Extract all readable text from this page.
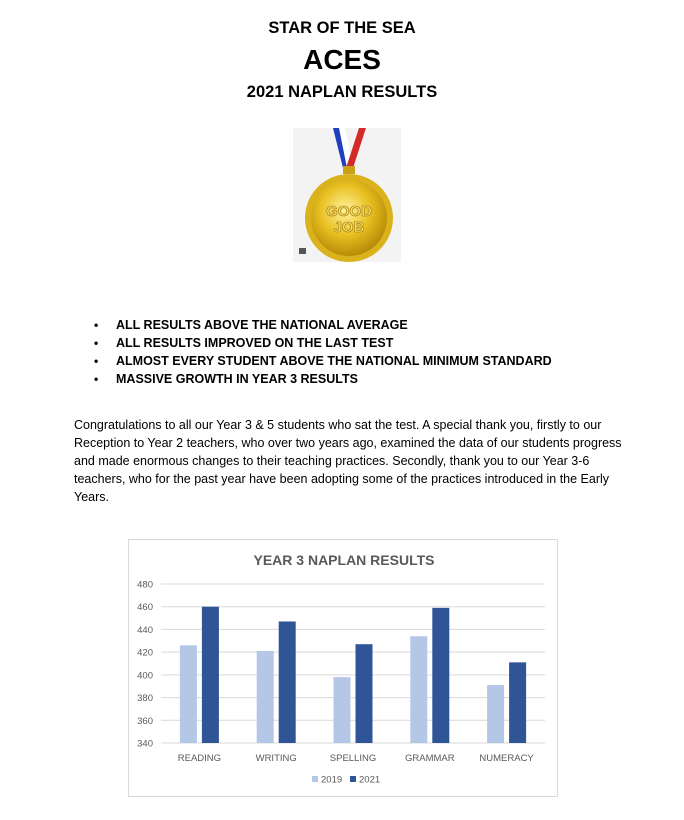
STAR OF THE SEA
ACES
2021 NAPLAN RESULTS
GOOD
JOB
• ALL RESULTS ABOVE THE NATIONAL AVERAGE
• ALL RESULTS IMPROVED ON THE LAST TEST
• ALMOST EVERY STUDENT ABOVE THE NATIONAL MINIMUM STANDARD
• MASSIVE GROWTH IN YEAR 3 RESULTS
Congratulations to all our Year 3 & 5 students who sat the test. A special thank you, firstly to our Reception to Year 2 teachers, who over two years ago, examined the data of our students progress and made enormous changes to their teaching practices. Secondly, thank you to our Year 3-6 teachers, who for the past year have been adopting some of the practices introduced in the Early Years.
YEAR 3 NAPLAN RESULTS
340
360
380
400
420
440
460
480
READING	WRITING	SPELLING	GRAMMAR	NUMERACY
2019 2021
